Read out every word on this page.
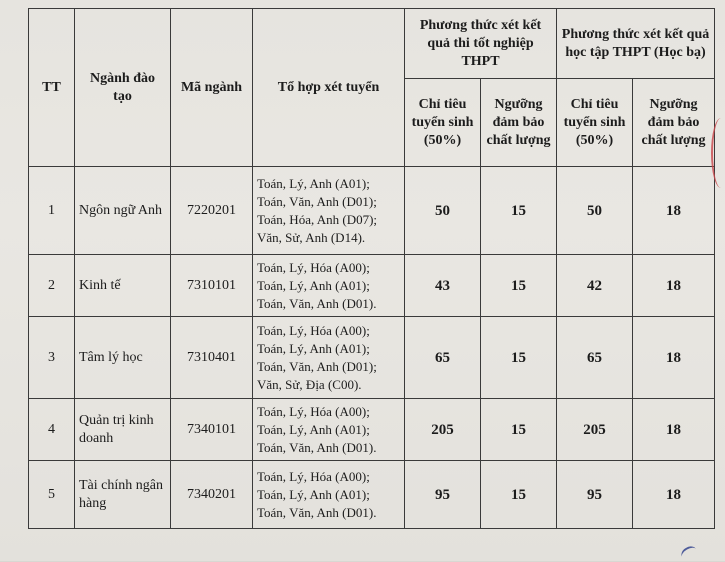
TT	Ngành đào tạo	Mã ngành	Tổ hợp xét tuyển	Phương thức xét kết quả thi tốt nghiệp THPT		Phương thức xét kết quả học tập THPT (Học bạ)	
				Chỉ tiêu tuyển sinh (50%)	Ngưỡng đảm bảo chất lượng	Chỉ tiêu tuyển sinh (50%)	Ngưỡng đảm bảo chất lượng
1	Ngôn ngữ Anh	7220201	Toán, Lý, Anh (A01);
Toán, Văn, Anh (D01);
Toán, Hóa, Anh (D07);
Văn, Sử, Anh (D14).	50	15	50	18
2	Kinh tế	7310101	Toán, Lý, Hóa (A00);
Toán, Lý, Anh (A01);
Toán, Văn, Anh (D01).	43	15	42	18
3	Tâm lý học	7310401	Toán, Lý, Hóa (A00);
Toán, Lý, Anh (A01);
Toán, Văn, Anh (D01);
Văn, Sử, Địa (C00).	65	15	65	18
4	Quản trị kinh doanh	7340101	Toán, Lý, Hóa (A00);
Toán, Lý, Anh (A01);
Toán, Văn, Anh (D01).	205	15	205	18
5	Tài chính ngân hàng	7340201	Toán, Lý, Hóa (A00);
Toán, Lý, Anh (A01);
Toán, Văn, Anh (D01).	95	15	95	18
